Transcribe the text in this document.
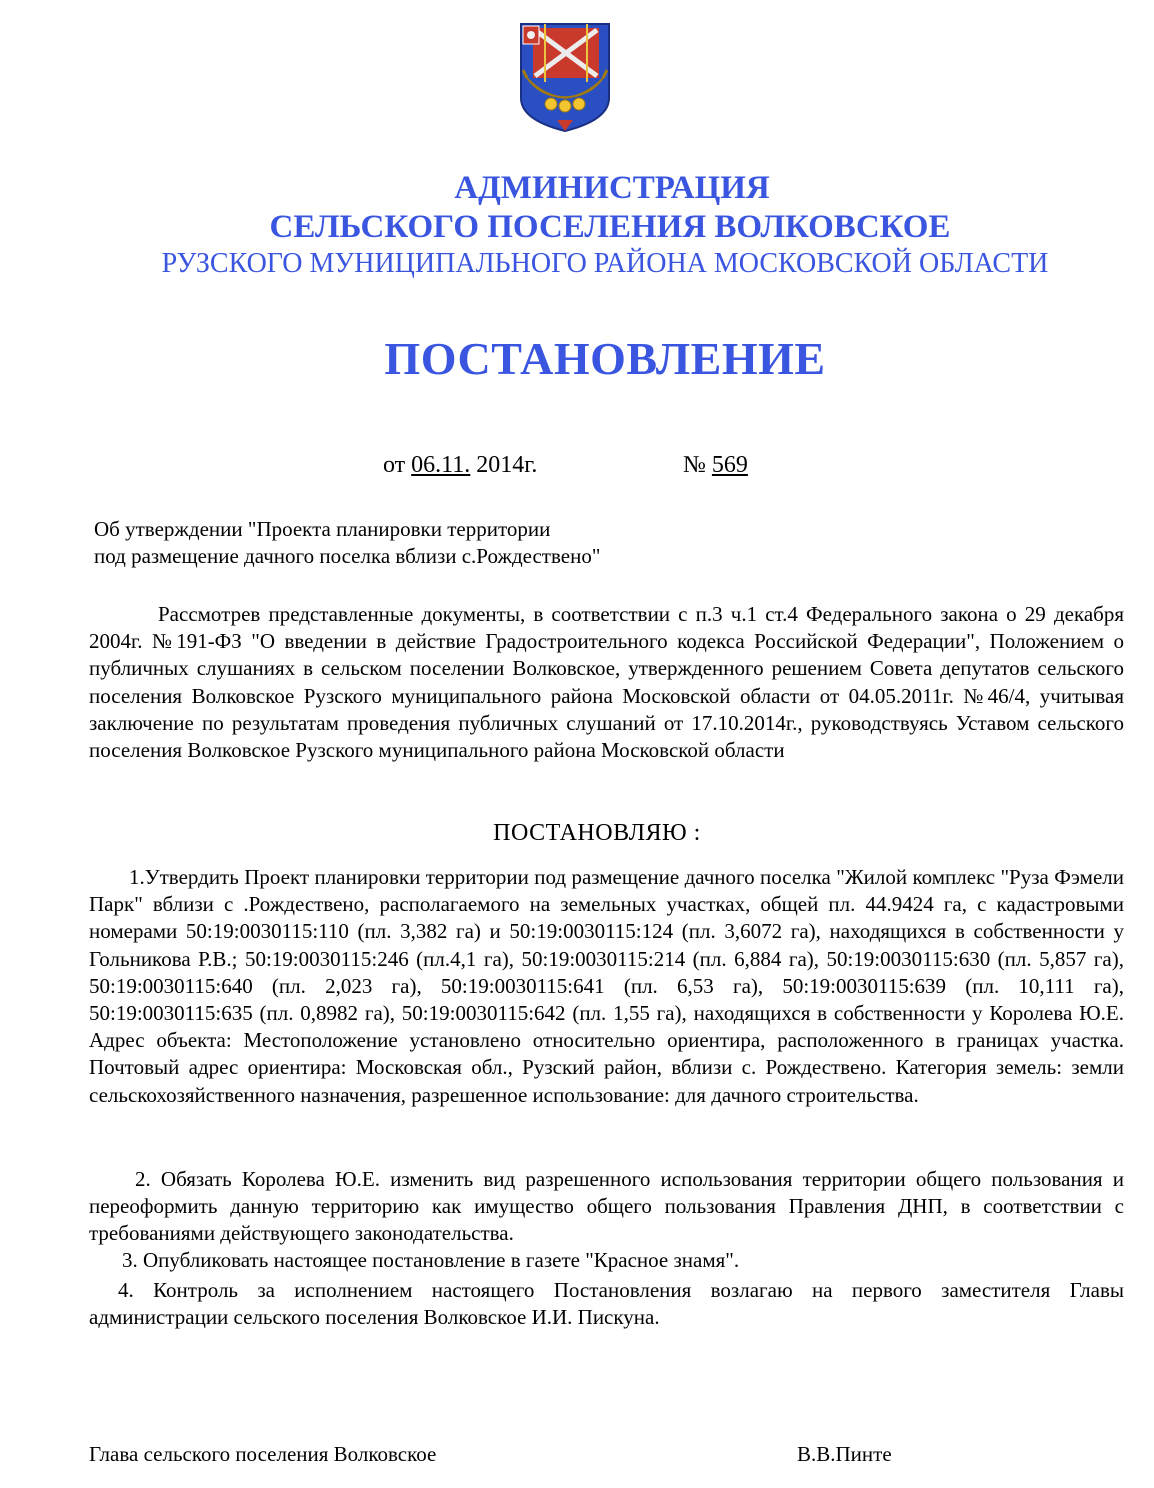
АДМИНИСТРАЦИЯ
СЕЛЬСКОГО ПОСЕЛЕНИЯ ВОЛКОВСКОЕ
РУЗСКОГО МУНИЦИПАЛЬНОГО РАЙОНА МОСКОВСКОЙ ОБЛАСТИ
ПОСТАНОВЛЕНИЕ
от 06.11. 2014г.	№ 569
Об утверждении "Проекта планировки территории
под размещение дачного поселка вблизи с.Рождествено"
Рассмотрев представленные документы, в соответствии с п.3 ч.1 ст.4 Федерального закона о 29 декабря 2004г. №191-ФЗ "О введении в действие Градостроительного кодекса Российской Федерации", Положением о публичных слушаниях в сельском поселении Волковское, утвержденного решением Совета депутатов сельского поселения Волковское Рузского муниципального района Московской области от 04.05.2011г. №46/4, учитывая заключение по результатам проведения публичных слушаний от 17.10.2014г., руководствуясь Уставом сельского поселения Волковское Рузского муниципального района Московской области
ПОСТАНОВЛЯЮ :
1.Утвердить Проект планировки территории под размещение дачного поселка "Жилой комплекс "Руза Фэмели Парк" вблизи с .Рождествено, располагаемого на земельных участках, общей пл. 44.9424 га, с кадастровыми номерами 50:19:0030115:110 (пл. 3,382 га) и 50:19:0030115:124 (пл. 3,6072 га), находящихся в собственности у Гольникова Р.В.; 50:19:0030115:246 (пл.4,1 га), 50:19:0030115:214 (пл. 6,884 га), 50:19:0030115:630 (пл. 5,857 га), 50:19:0030115:640 (пл. 2,023 га), 50:19:0030115:641 (пл. 6,53 га), 50:19:0030115:639 (пл. 10,111 га), 50:19:0030115:635 (пл. 0,8982 га), 50:19:0030115:642 (пл. 1,55 га), находящихся в собственности у Королева Ю.Е. Адрес объекта: Местоположение установлено относительно ориентира, расположенного в границах участка. Почтовый адрес ориентира: Московская обл., Рузский район, вблизи с. Рождествено. Категория земель: земли сельскохозяйственного назначения, разрешенное использование: для дачного строительства.
2. Обязать Королева Ю.Е. изменить вид разрешенного использования территории общего пользования и переоформить данную территорию как имущество общего пользования Правления ДНП, в соответствии с требованиями действующего законодательства.
3. Опубликовать настоящее постановление в газете "Красное знамя".
4. Контроль за исполнением настоящего Постановления возлагаю на первого заместителя Главы администрации сельского поселения Волковское И.И. Пискуна.
Глава сельского поселения Волковское	В.В.Пинте
